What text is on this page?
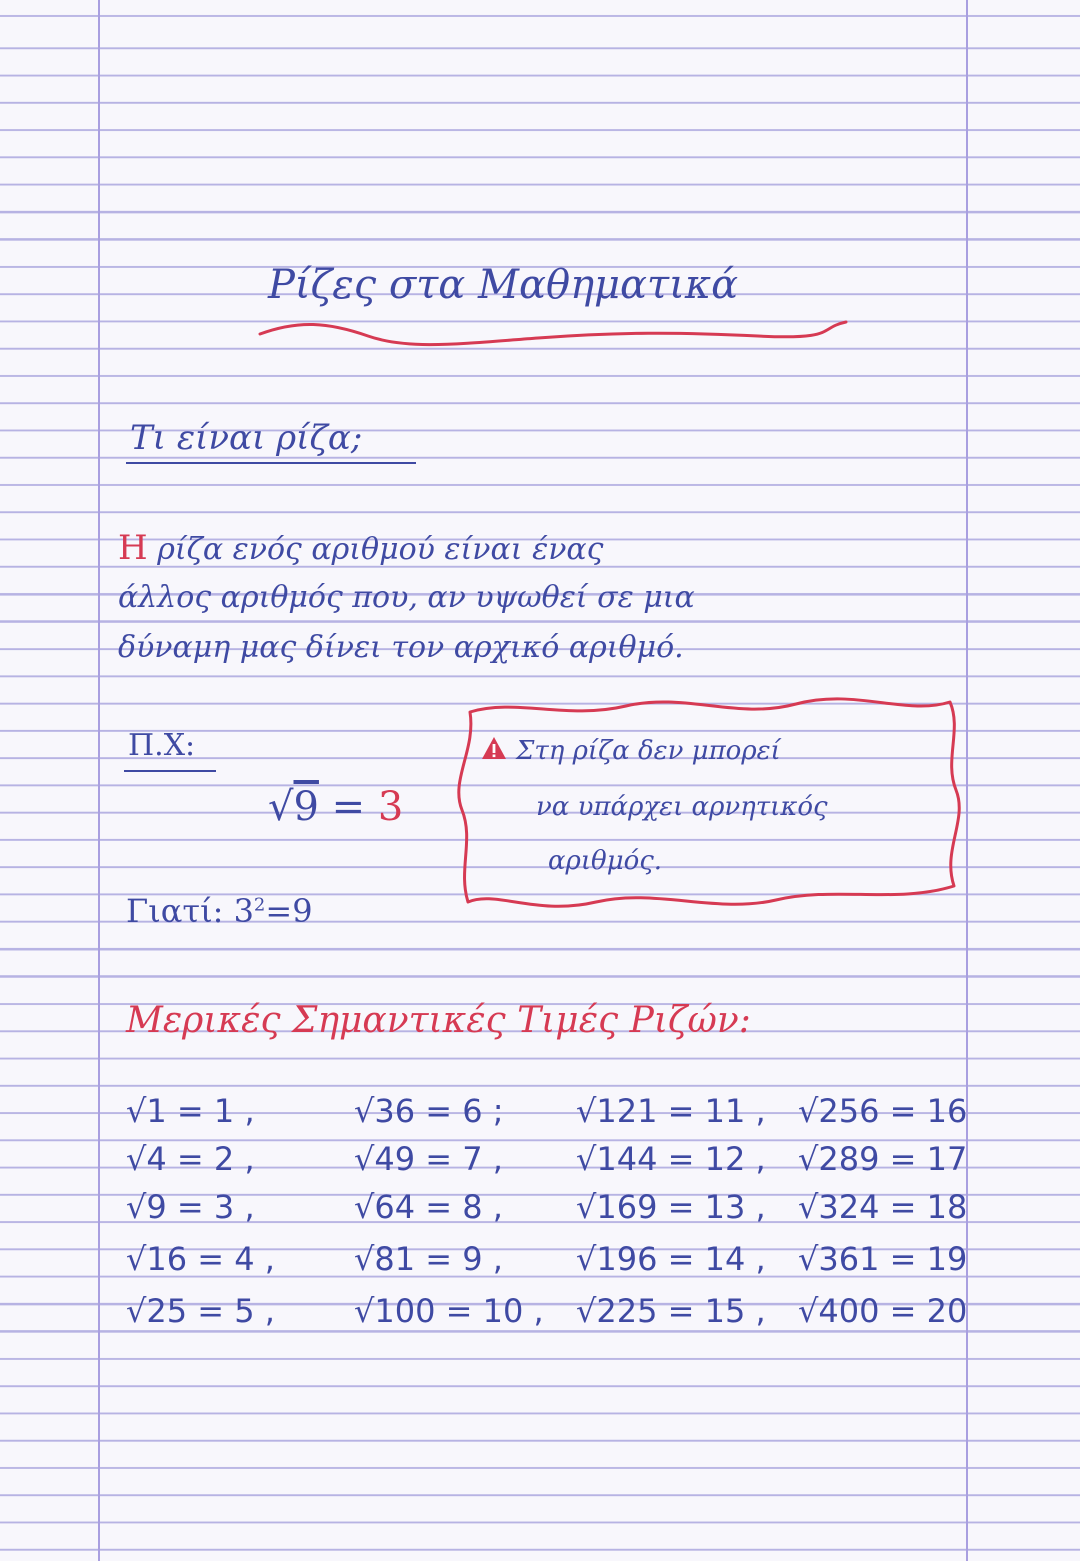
Ρίζες στα Μαθηματικά
Τι είναι ρίζα;
Η ρίζα ενός αριθμού είναι ένας
άλλος αριθμός που, αν υψωθεί σε μια
δύναμη μας δίνει τον αρχικό αριθμό.
Π.Χ:
√9 = 3
Στη ρίζα δεν μπορεί
να υπάρχει αρνητικός
αριθμός.
Γιατί: $3^2=9$
Μερικές Σημαντικές Τιμές Ριζών:
√1 = 1 ,	√36 = 6 ; √121 = 11 , √256 = 16
√4 = 2 ,	√49 = 7 , √144 = 12 , √289 = 17
√9 = 3 ,	√64 = 8 , √169 = 13 , √324 = 18
√16 = 4 , √81 = 9 , √196 = 14 , √361 = 19
√25 = 5 , √100 = 10 , √225 = 15 , √400 = 20
